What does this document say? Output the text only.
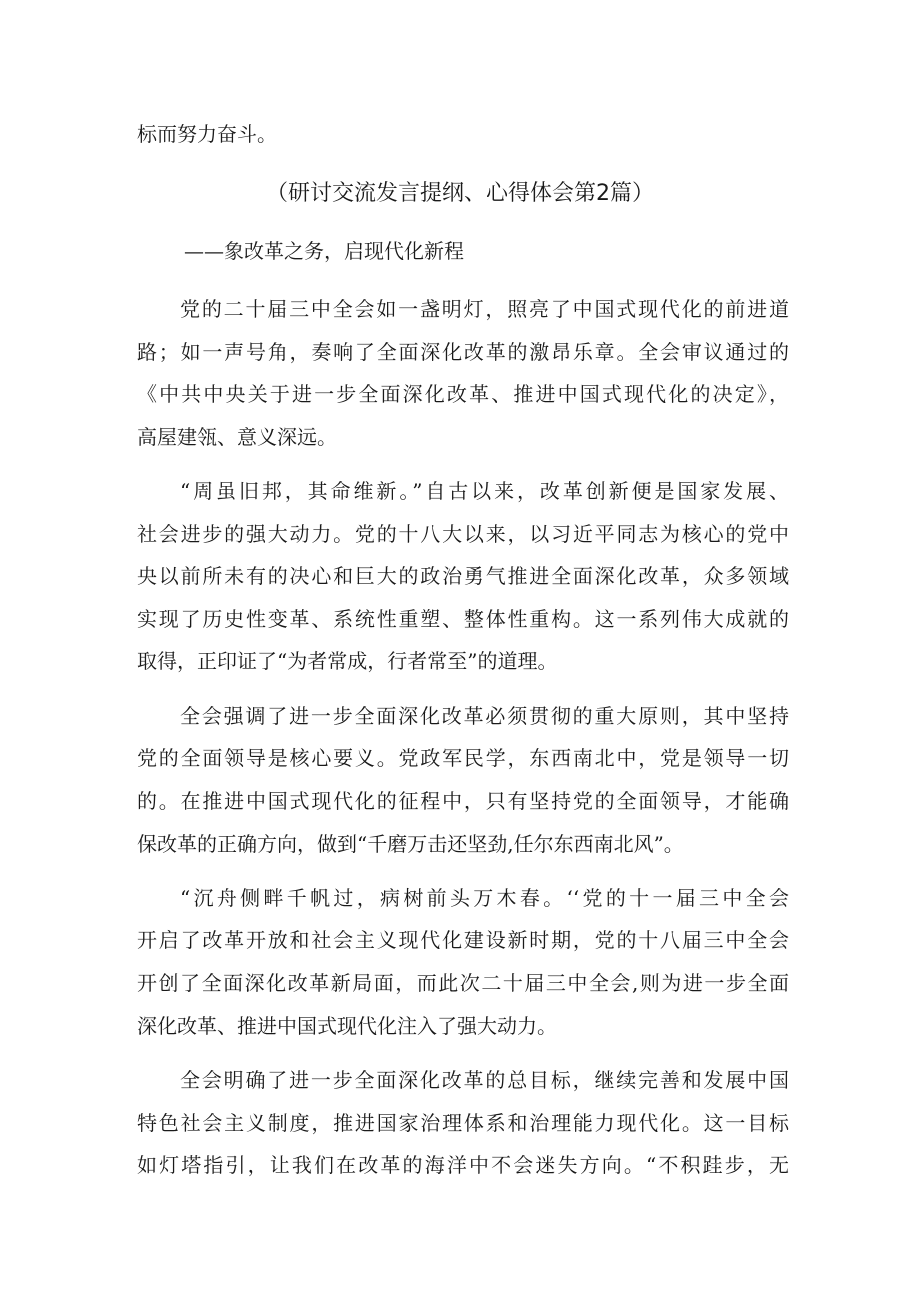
标而努力奋斗。
（研讨交流发言提纲、心得体会第2篇）
——象改革之务，启现代化新程
党的二十届三中全会如一盏明灯，照亮了中国式现代化的前进道
路；如一声号角，奏响了全面深化改革的激昂乐章。全会审议通过的
《中共中央关于进一步全面深化改革、推进中国式现代化的决定》，
高屋建瓴、意义深远。
“周虽旧邦，其命维新。”自古以来，改革创新便是国家发展、
社会进步的强大动力。党的十八大以来，以习近平同志为核心的党中
央以前所未有的决心和巨大的政治勇气推进全面深化改革，众多领域
实现了历史性变革、系统性重塑、整体性重构。这一系列伟大成就的
取得，正印证了“为者常成，行者常至”的道理。
全会强调了进一步全面深化改革必须贯彻的重大原则，其中坚持
党的全面领导是核心要义。党政军民学，东西南北中，党是领导一切
的。在推进中国式现代化的征程中，只有坚持党的全面领导，才能确
保改革的正确方向，做到“千磨万击还坚劲,任尔东西南北风”。
“沉舟侧畔千帆过，病树前头万木春。‘‘党的十一届三中全会
开启了改革开放和社会主义现代化建设新时期，党的十八届三中全会
开创了全面深化改革新局面，而此次二十届三中全会,则为进一步全面
深化改革、推进中国式现代化注入了强大动力。
全会明确了进一步全面深化改革的总目标，继续完善和发展中国
特色社会主义制度，推进国家治理体系和治理能力现代化。这一目标
如灯塔指引，让我们在改革的海洋中不会迷失方向。“不积跬步，无
